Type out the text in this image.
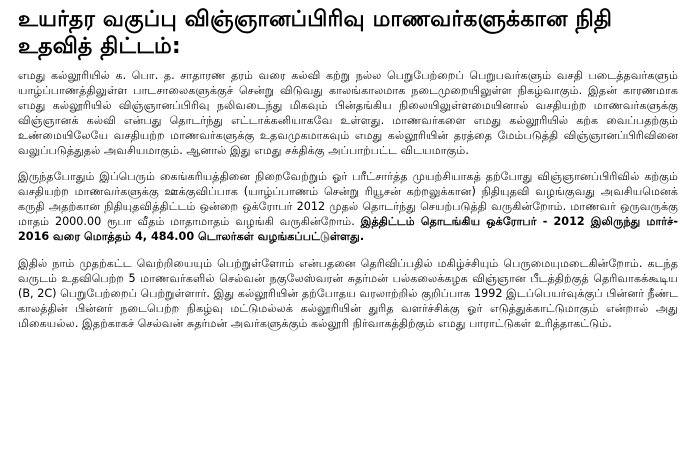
உயர்தர வகுப்பு விஞ்ஞானப்பிரிவு மாணவர்களுக்கான நிதி உதவித் திட்டம்:

எமது கல்லூரியில் க. பொ. த. சாதாரண தரம் வரை கல்வி கற்று நல்ல பெறுபேற்றைப் பெறுபவர்களும் வசதி படைத்தவர்களும் யாழ்ப்பாணத்திலுள்ள பாடசாலைகளுக்குச் சென்று விடுவது காலங்காலமாக நடைமுறையிலுள்ள நிகழ்வாகும். இதன் காரணமாக எமது கல்லூரியில் விஞ்ஞானப்பிரிவு நலிவடைந்து மிகவும் பின்தங்கிய நிலையிலுள்ளமையினால் வசதியற்ற மாணவர்களுக்கு விஞ்ஞானக் கல்வி என்பது தொடர்ந்து எட்டாக்கனியாகவே உள்ளது. மாணவர்களை எமது கல்லூரியில் கற்க வைப்பதற்கும் உண்மையிலேயே வசதியற்ற மாணவர்களுக்கு உதவமுகமாகவும் எமது கல்லூரியின் தரத்தை மேம்படுத்தி விஞ்ஞானப்பிரிவினை வலுப்படுத்துதல் அவசியமாகும். ஆனால் இது எமது சக்திக்கு அப்பாற்பட்ட விடயமாகும்.

இருந்தபோதும் இப்பெரும் கைங்கரியத்தினை நிறைவேற்றும் ஓர் பரீட்சார்த்த முயற்சியாகத் தற்போது விஞ்ஞானப்பிரிவில் கற்கும் வசதியற்ற மாணவர்களுக்கு ஊக்குவிப்பாக (யாழ்ப்பாணம் சென்று ரியூசன் கற்றலுக்கான) நிதியுதவி வழங்குவது அவசியமெனக் கருதி அதற்கான நிதியுதவித்திட்டம் ஒன்றை ஒக்ரோபர் 2012 முதல் தொடர்ந்து செயற்படுத்தி வருகின்றோம். மாணவர் ஒருவருக்கு மாதம் 2000.00 ரூபா வீதம் மாதாமாதம் வழங்கி வருகின்றோம். இத்திட்டம் தொடங்கிய ஒக்ரோபர் - 2012 இலிருந்து மார்ச்- 2016 வரை மொத்தம் 4, 484.00 டொலர்கள் வழங்கப்பட்டுள்ளது.

இதில் நாம் முதற்கட்ட வெற்றியையும் பெற்றுள்ளோம் என்பதனை தெரிவிப்பதில் மகிழ்ச்சியும் பெருமையுமடைகின்றோம். கடந்த வருடம் உதவிபெற்ற 5 மாணவர்களில் செல்வன் நகுலேஸ்வரன் சுதர்மன் பல்கலைக்கழக விஞ்ஞான பீடத்திற்குத் தெரிவாகக்கூடிய (B, 2C) பெறுபேற்றைப் பெற்றுள்ளார். இது கல்லூரியின் தற்போதய வரலாற்றில் குறிப்பாக 1992 இடப்பெயர்வுக்குப் பின்னர் நீண்ட காலத்தின் பின்னர் நடைபெற்ற நிகழ்வு மட்டுமல்லக் கல்லூரியின் துரித வளர்ச்சிக்கு ஓர் எடுத்துக்காட்டுமாகும் என்றால் அது மிகையல்ல. இதற்காகச் செல்வன் சுதர்மன் அவர்களுக்கும் கல்லூரி நிர்வாகத்திற்கும் எமது பாராட்டுகள் உரித்தாகட்டும்.
